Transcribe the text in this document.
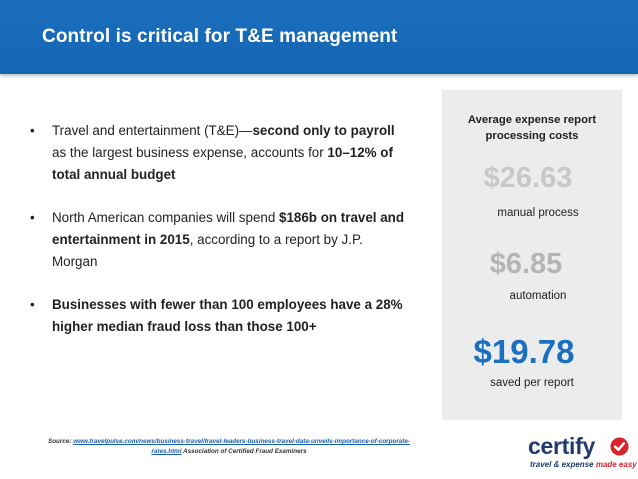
Control is critical for T&E management
• Travel and entertainment (T&E)—second only to payroll as the largest business expense, accounts for 10–12% of total annual budget
• North American companies will spend $186b on travel and entertainment in 2015, according to a report by J.P. Morgan
• Businesses with fewer than 100 employees have a 28% higher median fraud loss than those 100+
Average expense report processing costs
$26.63
manual process
$6.85
automation
$19.78
saved per report
Source: www.travelpulse.com/news/business-travel/travel-leaders-business-travel-data-unveils-importance-of-corporate-rates.html Association of Certified Fraud Examiners	certify
travel & expense made easy
